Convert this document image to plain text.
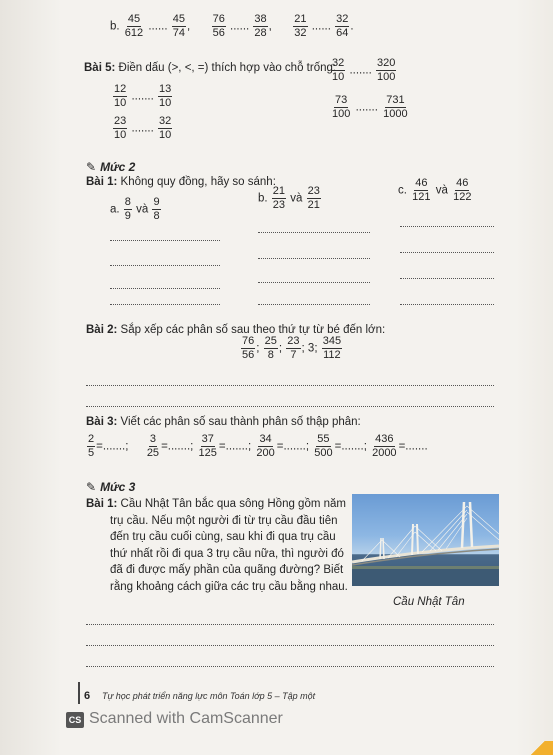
b. $\frac{45}{612}$ ...... $\frac{45}{74}$ , $\frac{76}{56}$ ...... $\frac{38}{28}$ , $\frac{21}{32}$ ...... $\frac{32}{64}$ .
Bài 5: Điền dấu (>, <, =) thích hợp vào chỗ trống:
$\frac{12}{10}$ ....... $\frac{13}{10}$
$\frac{23}{10}$ ....... $\frac{32}{10}$
$\frac{32}{10}$ ....... $\frac{320}{100}$
$\frac{73}{100}$ ....... $\frac{731}{1000}$
✎ Mức 2
Bài 1: Không quy đồng, hãy so sánh:
a. $\frac{8}{9}$ và $\frac{9}{8}$	b. $\frac{21}{23}$ và $\frac{23}{21}$	c. $\frac{46}{121}$ và $\frac{46}{122}$
Bài 2: Sắp xếp các phân số sau theo thứ tự từ bé đến lớn:
$\frac{76}{56}$ ; $\frac{25}{8}$ ; $\frac{23}{7}$ ; 3; $\frac{345}{112}$
Bài 3: Viết các phân số sau thành phân số thập phân:
$\frac{2}{5}$ =.......; $\frac{3}{25}$ =.......; $\frac{37}{125}$ =.......; $\frac{34}{200}$ =.......; $\frac{55}{500}$ =.......; $\frac{436}{2000}$ =.......
✎ Mức 3
Bài 1: Cầu Nhật Tân bắc qua sông Hồng gồm năm
trụ cầu. Nếu một người đi từ trụ cầu đầu tiên
đến trụ cầu cuối cùng, sau khi đi qua trụ cầu
thứ nhất rồi đi qua 3 trụ cầu nữa, thì người đó
đã đi được mấy phần của quãng đường? Biết
rằng khoảng cách giữa các trụ cầu bằng nhau.
Cầu Nhật Tân
6 Tự học phát triển năng lực môn Toán lớp 5 – Tập một
CS Scanned with CamScanner
